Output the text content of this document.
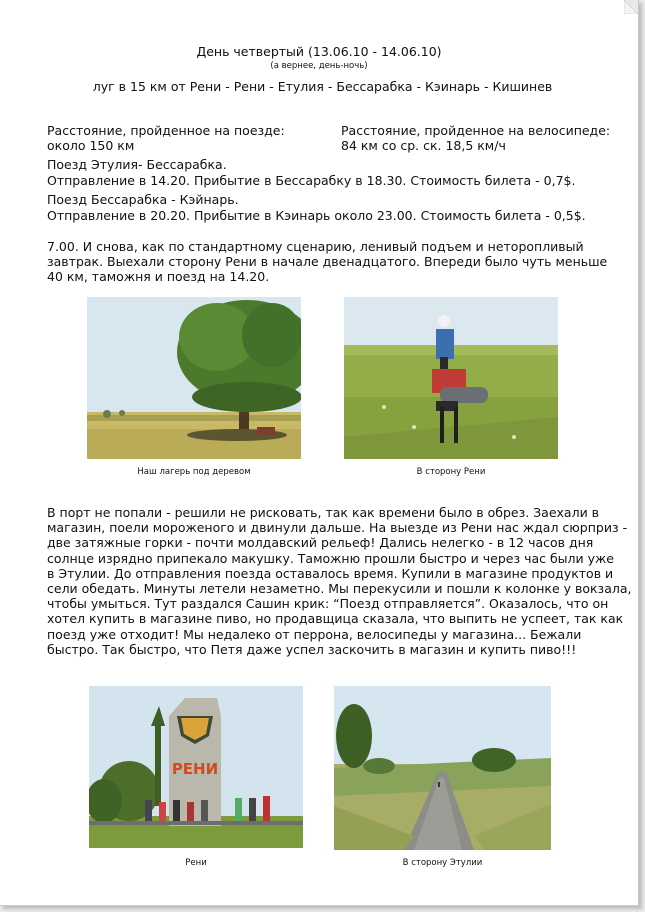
День четвертый (13.06.10 - 14.06.10)
(а вернее, день-ночь)
луг в 15 км от Рени - Рени - Етулия - Бессарабка - Кэинарь - Кишинев
Расстояние, пройденное на поезде:
около 150 км
Расстояние, пройденное на велосипеде:
84 км со ср. ск. 18,5 км/ч
Поезд Этулия- Бессарабка.
Отправление в 14.20. Прибытие в Бессарабку в 18.30. Стоимость билета - 0,7$.
Поезд Бессарабка - Кэйнарь.
Отправление в 20.20. Прибытие в Кэинарь около 23.00. Стоимость билета - 0,5$.

7.00. И снова, как по стандартному сценарию, ленивый подъем и неторопливый

завтрак. Выехали сторону Рени в начале двенадцатого. Впереди было чуть меньше

40 км, таможня и поезд на 14.20.

Наш лагерь под деревом	В сторону Рени

В порт не попали - решили не рисковать, так как времени было в обрез. Заехали в

магазин, поели мороженого и двинули дальше. На выезде из Рени нас ждал сюрприз -

две затяжные горки - почти молдавский рельеф! Дались нелегко - в 12 часов дня

солнце изрядно припекало макушку. Таможню прошли быстро и через час были уже

в Этулии. До отправления поезда оставалось время. Купили в магазине продуктов и

сели обедать. Минуты летели незаметно. Мы перекусили и пошли к колонке у вокзала,

чтобы умыться. Тут раздался Сашин крик: “Поезд отправляется”. Оказалось, что он

хотел купить в магазине пиво, но продавщица сказала, что выпить не успеет, так как

поезд уже отходит! Мы недалеко от перрона, велосипеды у магазина... Бежали

быстро. Так быстро, что Петя даже успел заскочить в магазин и купить пиво!!!

РЕНИ
Рени	В сторону Этулии
